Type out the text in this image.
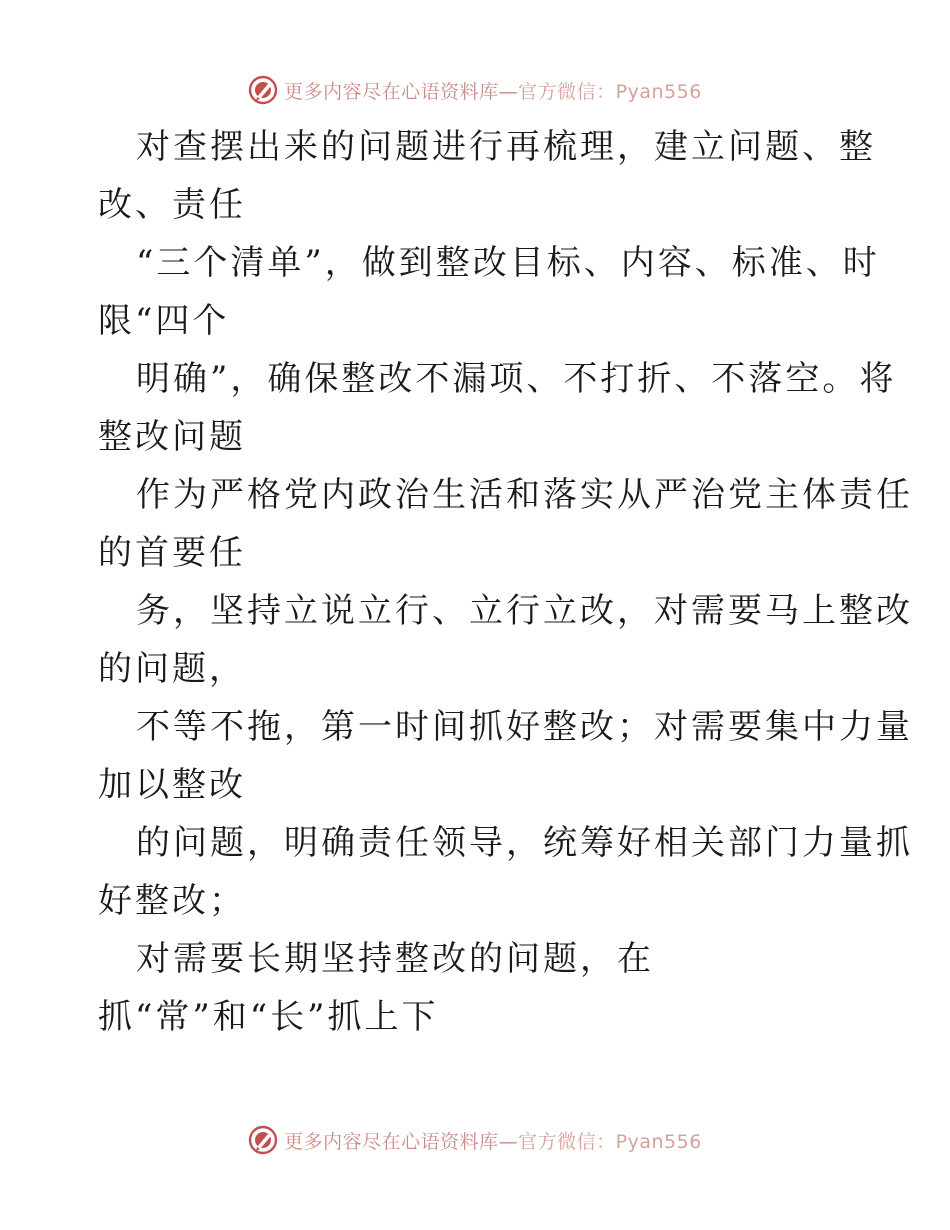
更多内容尽在心语资料库—官方微信：Pyan556
对查摆出来的问题进行再梳理，建立问题、整
改、责任
“三个清单”，做到整改目标、内容、标准、时
限“四个
明确”，确保整改不漏项、不打折、不落空。将
整改问题
作为严格党内政治生活和落实从严治党主体责任
的首要任
务，坚持立说立行、立行立改，对需要马上整改
的问题，
不等不拖，第一时间抓好整改；对需要集中力量
加以整改
的问题，明确责任领导，统筹好相关部门力量抓
好整改；
对需要长期坚持整改的问题，在
抓“常”和“长”抓上下
更多内容尽在心语资料库—官方微信：Pyan556
